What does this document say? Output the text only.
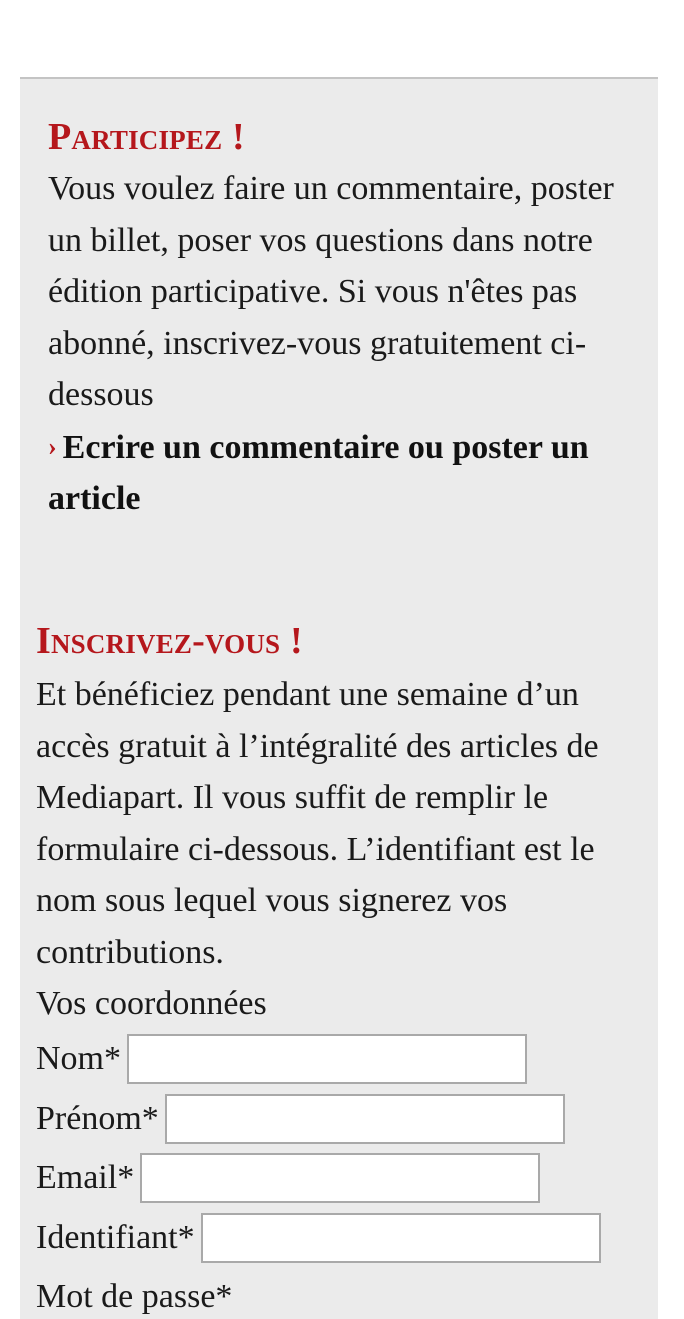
Participez !

Vous voulez faire un commentaire, poster un billet, poser vos questions dans notre édition participative. Si vous n'êtes pas abonné, inscrivez-vous gratuitement ci-dessous

› Ecrire un commentaire ou poster un article
Inscrivez-vous !

Et bénéficiez pendant une semaine d’un accès gratuit à l’intégralité des articles de Mediapart. Il vous suffit de remplir le formulaire ci-dessous. L’identifiant est le nom sous lequel vous signerez vos contributions.

Vos coordonnées

Nom*
Prénom*
Email*
Identifiant*
Mot de passe*
